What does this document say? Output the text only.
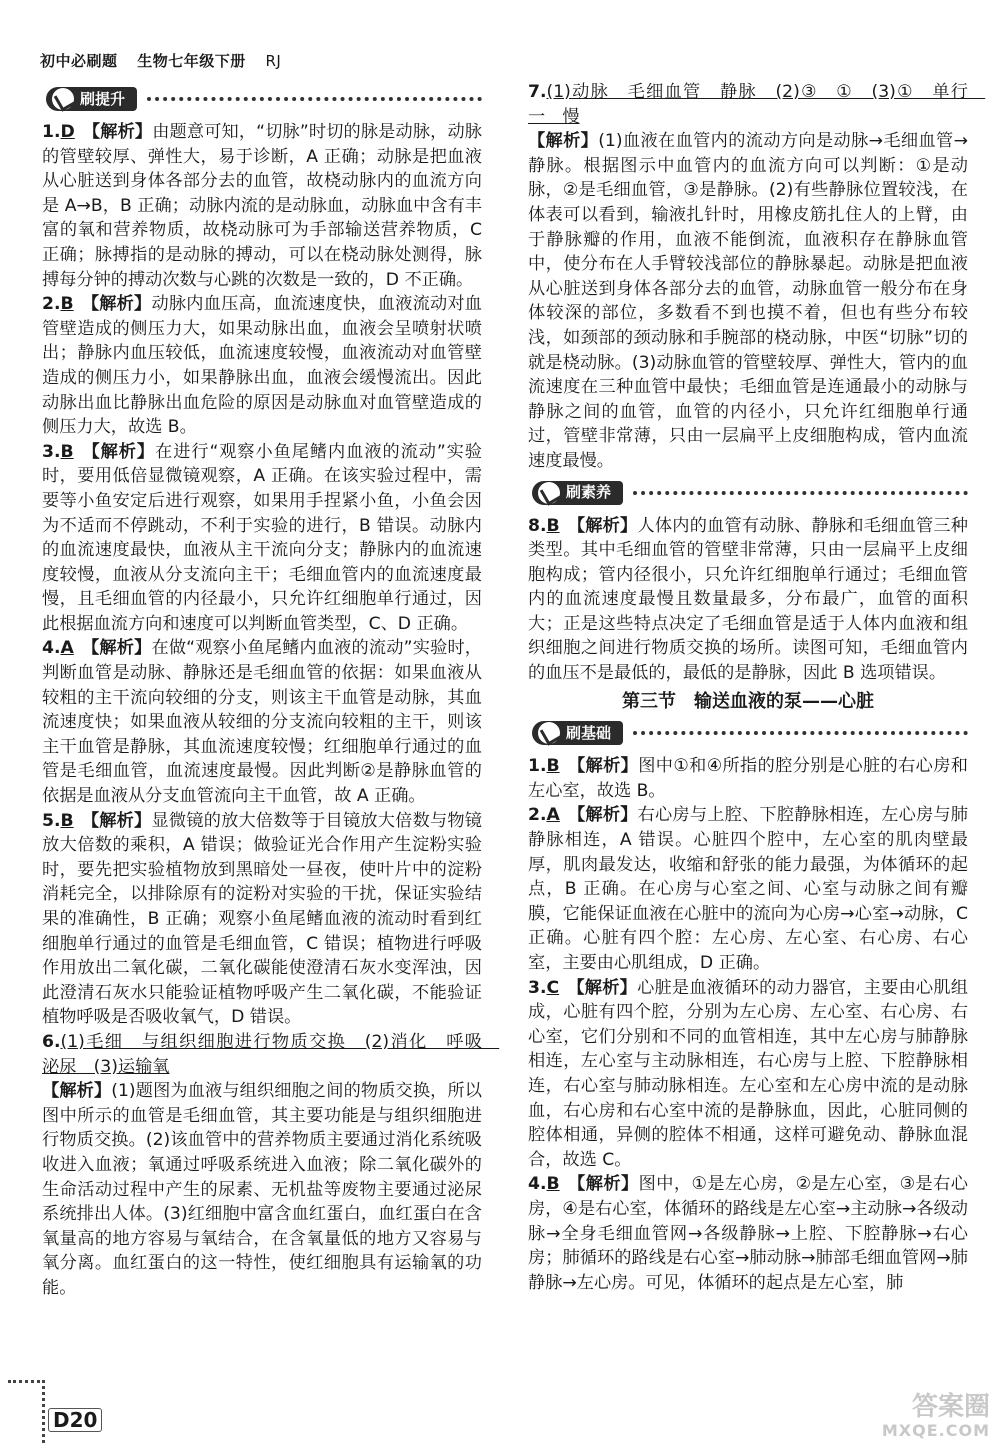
初中必刷题 生物七年级下册 RJ
刷提升
1.D 【解析】由题意可知，“切脉”时切的脉是动脉，动脉的管壁较厚、弹性大，易于诊断，A 正确；动脉是把血液从心脏送到身体各部分去的血管，故桡动脉内的血流方向是 A→B，B 正确；动脉内流的是动脉血，动脉血中含有丰富的氧和营养物质，故桡动脉可为手部输送营养物质，C 正确；脉搏指的是动脉的搏动，可以在桡动脉处测得，脉搏每分钟的搏动次数与心跳的次数是一致的，D 不正确。
2.B 【解析】动脉内血压高，血流速度快，血液流动对血管壁造成的侧压力大，如果动脉出血，血液会呈喷射状喷出；静脉内血压较低，血流速度较慢，血液流动对血管壁造成的侧压力小，如果静脉出血，血液会缓慢流出。因此动脉出血比静脉出血危险的原因是动脉血对血管壁造成的侧压力大，故选 B。
3.B 【解析】在进行“观察小鱼尾鳍内血液的流动”实验时，要用低倍显微镜观察，A 正确。在该实验过程中，需要等小鱼安定后进行观察，如果用手捏紧小鱼，小鱼会因为不适而不停跳动，不利于实验的进行，B 错误。动脉内的血流速度最快，血液从主干流向分支；静脉内的血流速度较慢，血液从分支流向主干；毛细血管内的血流速度最慢，且毛细血管的内径最小，只允许红细胞单行通过，因此根据血流方向和速度可以判断血管类型，C、D 正确。
4.A 【解析】在做“观察小鱼尾鳍内血液的流动”实验时，判断血管是动脉、静脉还是毛细血管的依据：如果血液从较粗的主干流向较细的分支，则该主干血管是动脉，其血流速度快；如果血液从较细的分支流向较粗的主干，则该主干血管是静脉，其血流速度较慢；红细胞单行通过的血管是毛细血管，血流速度最慢。因此判断②是静脉血管的依据是血液从分支血管流向主干血管，故 A 正确。
5.B 【解析】显微镜的放大倍数等于目镜放大倍数与物镜放大倍数的乘积，A 错误；做验证光合作用产生淀粉实验时，要先把实验植物放到黑暗处一昼夜，使叶片中的淀粉消耗完全，以排除原有的淀粉对实验的干扰，保证实验结果的准确性，B 正确；观察小鱼尾鳍血液的流动时看到红细胞单行通过的血管是毛细血管，C 错误；植物进行呼吸作用放出二氧化碳，二氧化碳能使澄清石灰水变浑浊，因此澄清石灰水只能验证植物呼吸产生二氧化碳，不能验证植物呼吸是否吸收氧气，D 错误。
6.(1)毛细　与组织细胞进行物质交换　(2)消化　呼吸　泌尿　(3)运输氧
【解析】(1)题图为血液与组织细胞之间的物质交换，所以图中所示的血管是毛细血管，其主要功能是与组织细胞进行物质交换。(2)该血管中的营养物质主要通过消化系统吸收进入血液；氧通过呼吸系统进入血液；除二氧化碳外的生命活动过程中产生的尿素、无机盐等废物主要通过泌尿系统排出人体。(3)红细胞中富含血红蛋白，血红蛋白在含氧量高的地方容易与氧结合，在含氧量低的地方又容易与氧分离。血红蛋白的这一特性，使红细胞具有运输氧的功能。
7.(1)动脉　毛细血管　静脉　(2)③　①　(3)①　单行　一　慢
【解析】(1)血液在血管内的流动方向是动脉→毛细血管→静脉。根据图示中血管内的血流方向可以判断：①是动脉，②是毛细血管，③是静脉。(2)有些静脉位置较浅，在体表可以看到，输液扎针时，用橡皮筋扎住人的上臂，由于静脉瓣的作用，血液不能倒流，血液积存在静脉血管中，使分布在人手臂较浅部位的静脉暴起。动脉是把血液从心脏送到身体各部分去的血管，动脉血管一般分布在身体较深的部位，多数看不到也摸不着，但也有些分布较浅，如颈部的颈动脉和手腕部的桡动脉，中医“切脉”切的就是桡动脉。(3)动脉血管的管壁较厚、弹性大，管内的血流速度在三种血管中最快；毛细血管是连通最小的动脉与静脉之间的血管，血管的内径小，只允许红细胞单行通过，管壁非常薄，只由一层扁平上皮细胞构成，管内血流速度最慢。
刷素养
8.B 【解析】人体内的血管有动脉、静脉和毛细血管三种类型。其中毛细血管的管壁非常薄，只由一层扁平上皮细胞构成；管内径很小，只允许红细胞单行通过；毛细血管内的血流速度最慢且数量最多，分布最广，血管的面积大；正是这些特点决定了毛细血管是适于人体内血液和组织细胞之间进行物质交换的场所。读图可知，毛细血管内的血压不是最低的，最低的是静脉，因此 B 选项错误。
第三节　输送血液的泵——心脏
刷基础
1.B 【解析】图中①和④所指的腔分别是心脏的右心房和左心室，故选 B。
2.A 【解析】右心房与上腔、下腔静脉相连，左心房与肺静脉相连，A 错误。心脏四个腔中，左心室的肌肉壁最厚，肌肉最发达，收缩和舒张的能力最强，为体循环的起点，B 正确。在心房与心室之间、心室与动脉之间有瓣膜，它能保证血液在心脏中的流向为心房→心室→动脉，C 正确。心脏有四个腔：左心房、左心室、右心房、右心室，主要由心肌组成，D 正确。
3.C 【解析】心脏是血液循环的动力器官，主要由心肌组成，心脏有四个腔，分别为左心房、左心室、右心房、右心室，它们分别和不同的血管相连，其中左心房与肺静脉相连，左心室与主动脉相连，右心房与上腔、下腔静脉相连，右心室与肺动脉相连。左心室和左心房中流的是动脉血，右心房和右心室中流的是静脉血，因此，心脏同侧的腔体相通，异侧的腔体不相通，这样可避免动、静脉血混合，故选 C。
4.B 【解析】图中，①是左心房，②是左心室，③是右心房，④是右心室，体循环的路线是左心室→主动脉→各级动脉→全身毛细血管网→各级静脉→上腔、下腔静脉→右心房；肺循环的路线是右心室→肺动脉→肺部毛细血管网→肺静脉→左心房。可见，体循环的起点是左心室，肺
D20	答案圈
MXQE.COM
